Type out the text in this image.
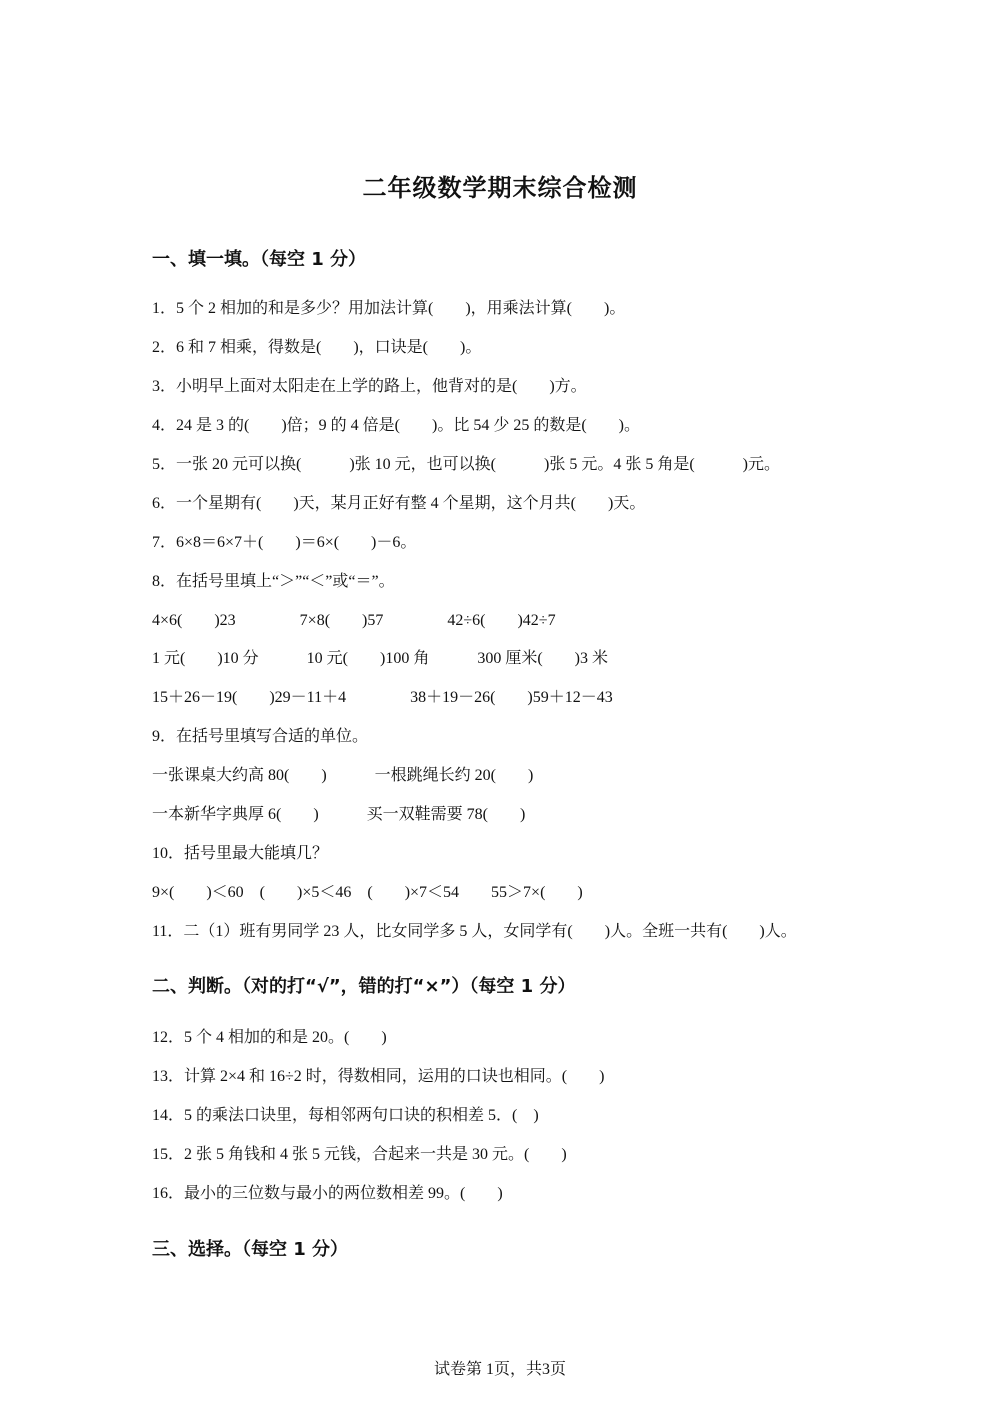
二年级数学期末综合检测
一、填一填。（每空 1 分）
1．5 个 2 相加的和是多少？用加法计算(　　)，用乘法计算(　　)。
2．6 和 7 相乘，得数是(　　)，口诀是(　　)。
3．小明早上面对太阳走在上学的路上，他背对的是(　　)方。
4．24 是 3 的(　　)倍；9 的 4 倍是(　　)。比 54 少 25 的数是(　　)。
5．一张 20 元可以换(　　　)张 10 元，也可以换(　　　)张 5 元。4 张 5 角是(　　　)元。
6．一个星期有(　　)天，某月正好有整 4 个星期，这个月共(　　)天。
7．6×8＝6×7＋(　　)＝6×(　　)－6。
8．在括号里填上“＞”“＜”或“＝”。
4×6(　　)23　　　　7×8(　　)57　　　　42÷6(　　)42÷7
1 元(　　)10 分　　　10 元(　　)100 角　　　300 厘米(　　)3 米
15＋26－19(　　)29－11＋4　　　　38＋19－26(　　)59＋12－43
9．在括号里填写合适的单位。
一张课桌大约高 80(　　)　　　一根跳绳长约 20(　　)
一本新华字典厚 6(　　)　　　买一双鞋需要 78(　　)
10．括号里最大能填几？
9×(　　)＜60　(　　)×5＜46　(　　)×7＜54　　55＞7×(　　)
11．二（1）班有男同学 23 人，比女同学多 5 人，女同学有(　　)人。全班一共有(　　)人。
二、判断。（对的打“√”，错的打“×”）（每空 1 分）
12．5 个 4 相加的和是 20。(　　)
13．计算 2×4 和 16÷2 时，得数相同，运用的口诀也相同。(　　)
14．5 的乘法口诀里，每相邻两句口诀的积相差 5．(　)
15．2 张 5 角钱和 4 张 5 元钱，合起来一共是 30 元。(　　)
16．最小的三位数与最小的两位数相差 99。(　　)
三、选择。（每空 1 分）
试卷第 1页，共3页
